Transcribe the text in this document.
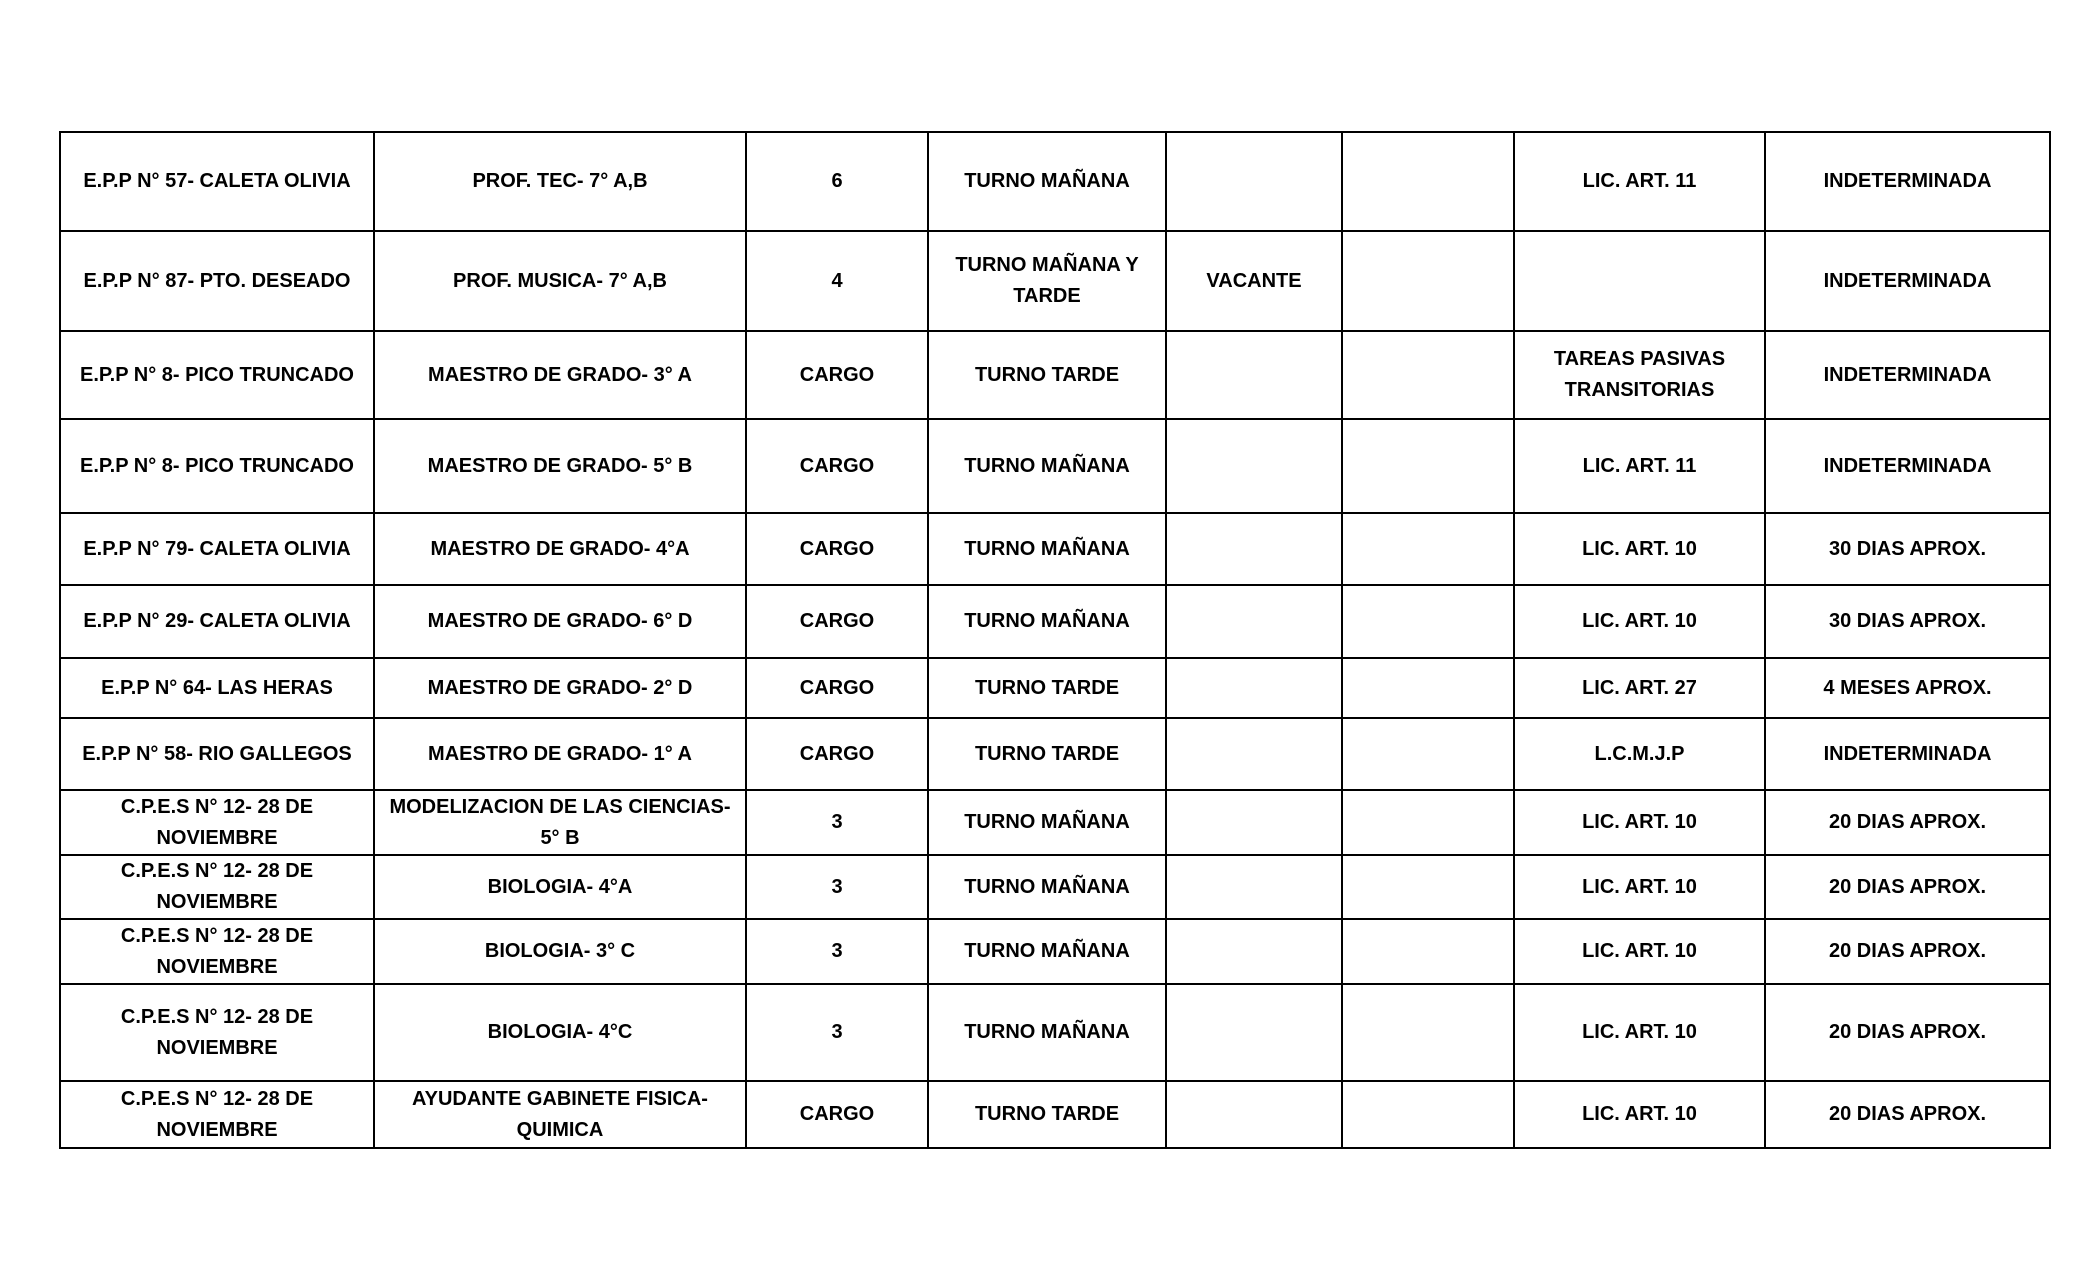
E.P.P N° 57- CALETA OLIVIA	PROF. TEC- 7° A,B	6	TURNO MAÑANA			LIC. ART. 11	INDETERMINADA
E.P.P N° 87- PTO. DESEADO	PROF. MUSICA- 7° A,B	4	TURNO MAÑANA Y TARDE	VACANTE			INDETERMINADA
E.P.P N° 8- PICO TRUNCADO	MAESTRO DE GRADO- 3° A	CARGO	TURNO TARDE			TAREAS PASIVAS TRANSITORIAS	INDETERMINADA
E.P.P N° 8- PICO TRUNCADO	MAESTRO DE GRADO- 5° B	CARGO	TURNO MAÑANA			LIC. ART. 11	INDETERMINADA
E.P.P N° 79- CALETA OLIVIA	MAESTRO DE GRADO- 4°A	CARGO	TURNO MAÑANA			LIC. ART. 10	30 DIAS APROX.
E.P.P N° 29- CALETA OLIVIA	MAESTRO DE GRADO- 6° D	CARGO	TURNO MAÑANA			LIC. ART. 10	30 DIAS APROX.
E.P.P N° 64- LAS HERAS	MAESTRO DE GRADO- 2° D	CARGO	TURNO TARDE			LIC. ART. 27	4 MESES APROX.
E.P.P N° 58- RIO GALLEGOS	MAESTRO DE GRADO- 1° A	CARGO	TURNO TARDE			L.C.M.J.P	INDETERMINADA
C.P.E.S N° 12- 28 DE NOVIEMBRE	MODELIZACION DE LAS CIENCIAS- 5° B	3	TURNO MAÑANA			LIC. ART. 10	20 DIAS APROX.
C.P.E.S N° 12- 28 DE NOVIEMBRE	BIOLOGIA- 4°A	3	TURNO MAÑANA			LIC. ART. 10	20 DIAS APROX.
C.P.E.S N° 12- 28 DE NOVIEMBRE	BIOLOGIA- 3° C	3	TURNO MAÑANA			LIC. ART. 10	20 DIAS APROX.
C.P.E.S N° 12- 28 DE NOVIEMBRE	BIOLOGIA- 4°C	3	TURNO MAÑANA			LIC. ART. 10	20 DIAS APROX.
C.P.E.S N° 12- 28 DE NOVIEMBRE	AYUDANTE GABINETE FISICA-QUIMICA	CARGO	TURNO TARDE			LIC. ART. 10	20 DIAS APROX.
